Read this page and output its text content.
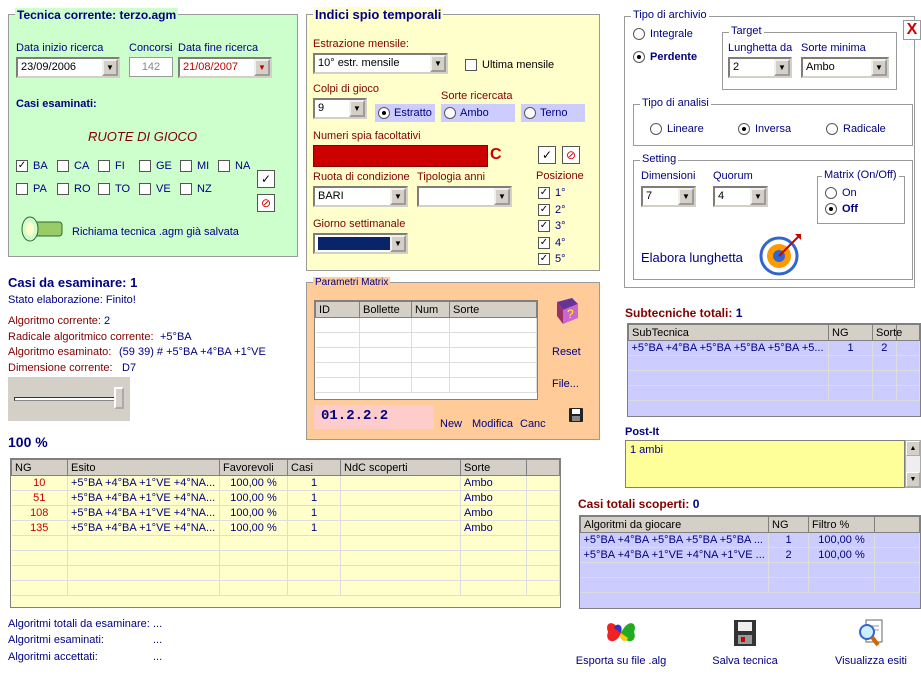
Tecnica corrente: terzo.agm
Data inizio ricerca
23/09/2006	▼
Concorsi
142
Data fine ricerca
21/08/2007	▼
Casi esaminati:
RUOTE DI GIOCO
✓ BA CA FI	GE MI NA
PA RO TO VE NZ
✓
⊘
Richiama tecnica .agm già salvata
Indici spio temporali
Estrazione mensile:
10° estr. mensile	▼	Ultima mensile
Colpi di gioco
9	▼
Sorte ricercata
Estratto	Ambo	Terno
Numeri spia facoltativi
C	✓	⊘
Ruota di condizione
BARI	▼
Tipologia anni
▼
Giorno settimanale
▼
Posizione
✓ 1°
✓ 2°
✓ 3°
✓ 4°
✓ 5°
Parametri Matrix
ID	Bollette	Num	Sorte

				?
Reset
File...
01.2.2.2	New Modifica Canc
Tipo di archivio
X
Integrale
Perdente
Target
Lunghetta da
2	▼
Sorte minima
Ambo	▼
Tipo di analisi
Lineare	Inversa	Radicale
Setting
Dimensioni
7	▼
Quorum
4	▼
Matrix (On/Off)
On
Off
Elabora lunghetta
Casi da esaminare: 1
Stato elaborazione: Finito!
Algoritmo corrente: 2
Radicale algoritmico corrente: +5°BA
Algoritmo esaminato: (59 39) # +5°BA +4°BA +1°VE
Dimensione corrente: D7
100 %
NG	Esito	Favorevoli	Casi	NdC scoperti	Sorte	
10	+5°BA +4°BA +1°VE +4°NA...	100,00 %	1		Ambo	
51	+5°BA +4°BA +1°VE +4°NA...	100,00 %	1		Ambo	
108	+5°BA +4°BA +1°VE +4°NA...	100,00 %	1		Ambo	
135	+5°BA +4°BA +1°VE +4°NA...	100,00 %	1		Ambo	

Algoritmi totali da esaminare: ...
Algoritmi esaminati:	...
Algoritmi accettati:	...
Subtecniche totali: 1
SubTecnica	NG	Sorte	
+5°BA +4°BA +5°BA +5°BA +5°BA +5...	1	2	

Post-It
1 ambi	▲
▼
Casi totali scoperti: 0
Algoritmi da giocare	NG	Filtro %	
+5°BA +4°BA +5°BA +5°BA +5°BA ...	1	100,00 %	
+5°BA +4°BA +1°VE +4°NA +1°VE ...	2	100,00 %	

Esporta su file .alg	Salva tecnica	Visualizza esiti
